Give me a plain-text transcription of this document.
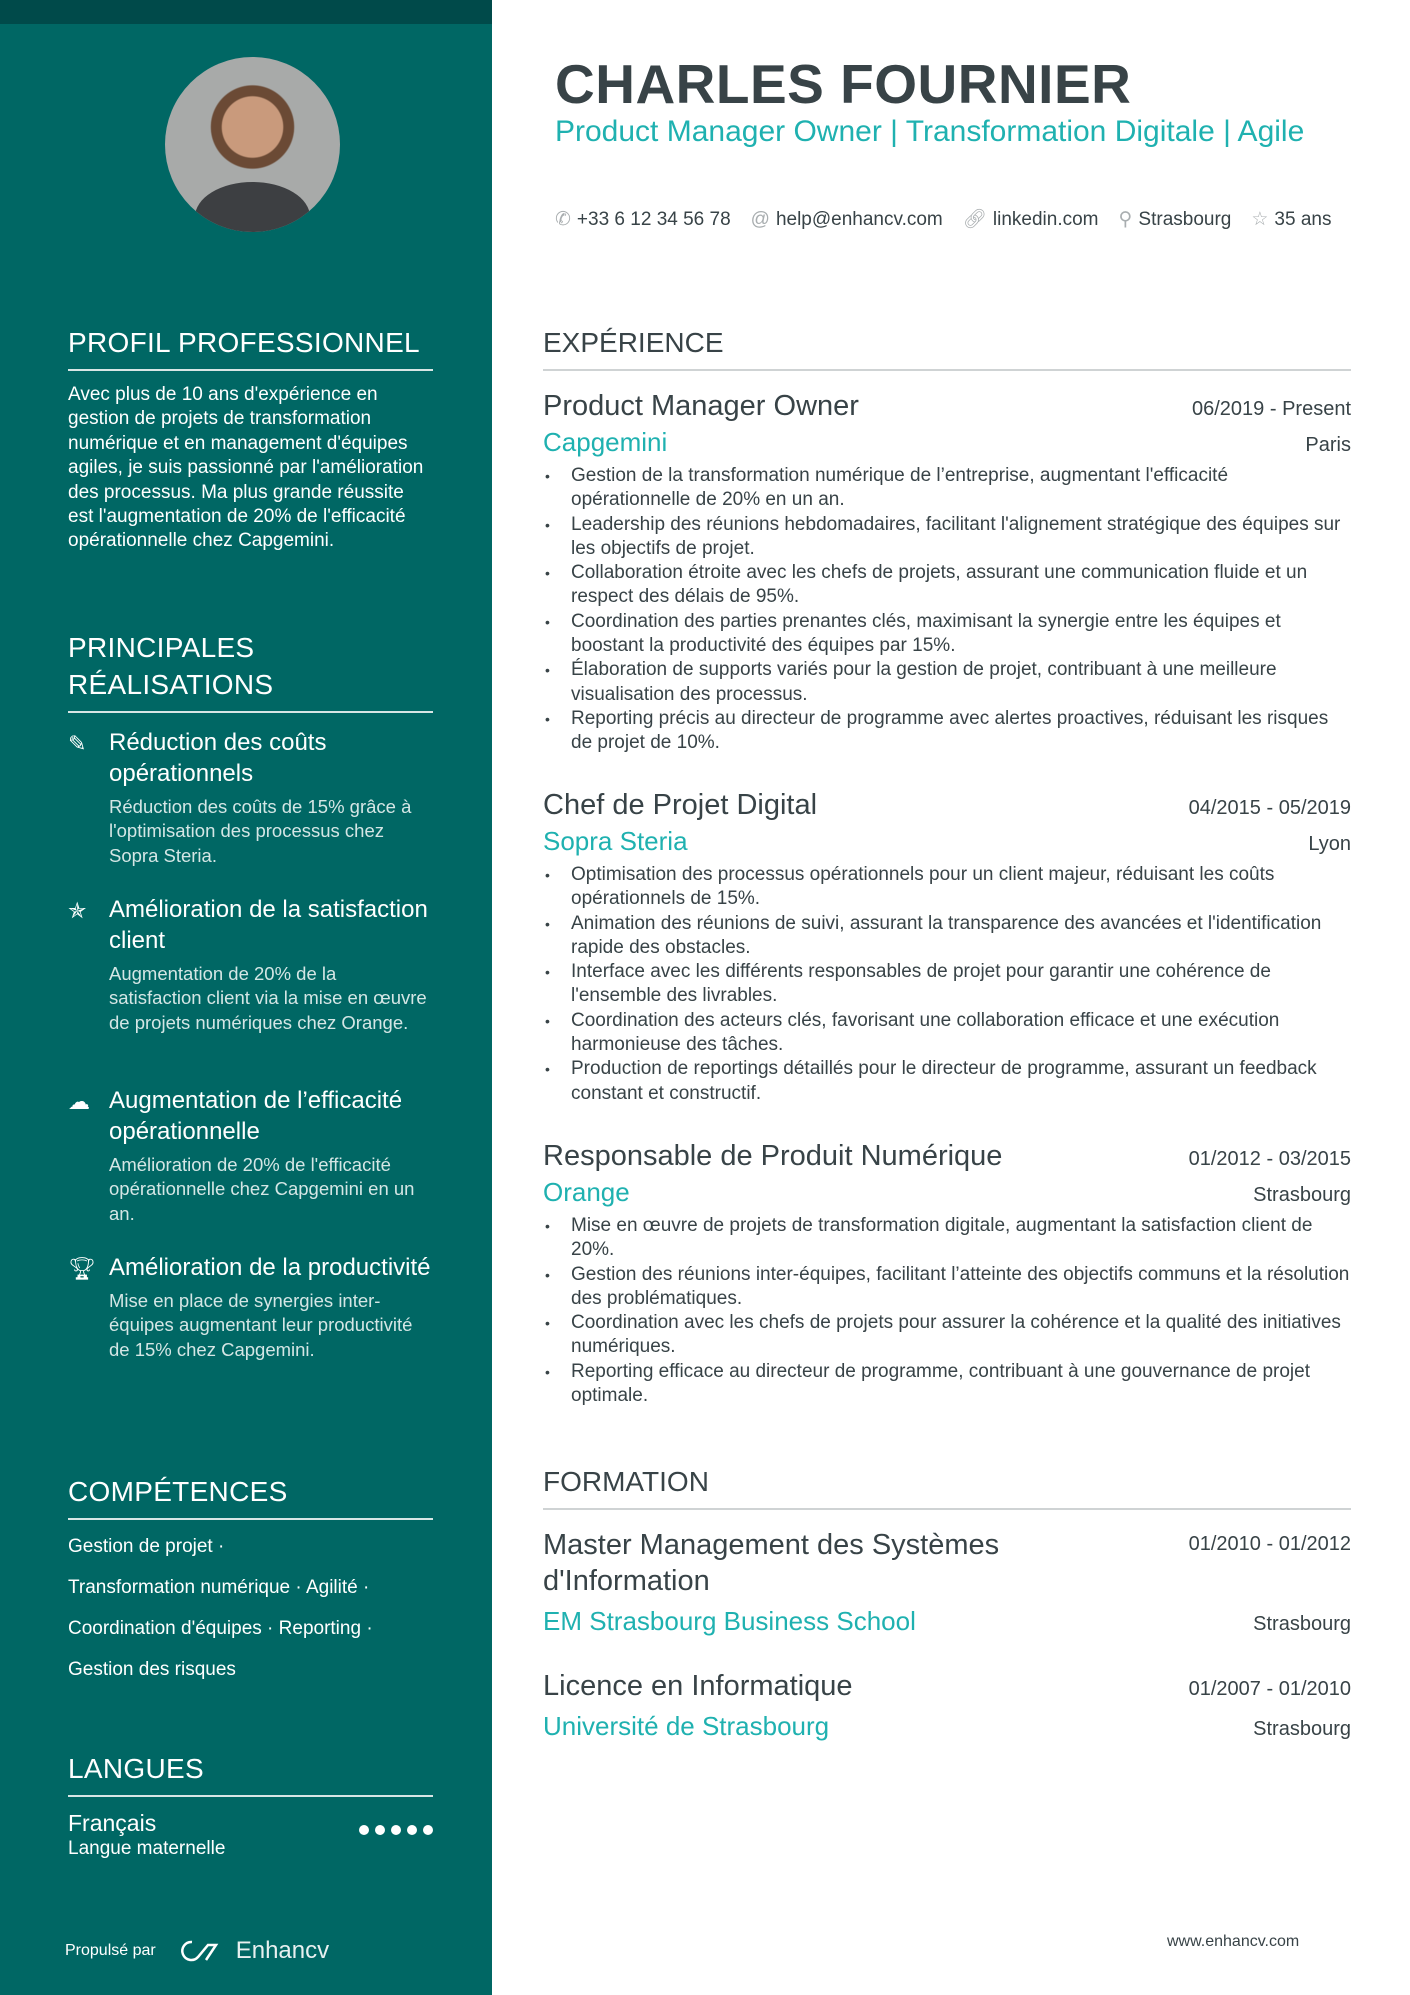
PROFIL PROFESSIONNEL
Avec plus de 10 ans d'expérience en gestion de projets de transformation numérique et en management d'équipes agiles, je suis passionné par l'amélioration des processus. Ma plus grande réussite est l'augmentation de 20% de l'efficacité opérationnelle chez Capgemini.
PRINCIPALES RÉALISATIONS
✎ Réduction des coûts opérationnels
Réduction des coûts de 15% grâce à l'optimisation des processus chez Sopra Steria.
✯ Amélioration de la satisfaction client
Augmentation de 20% de la satisfaction client via la mise en œuvre de projets numériques chez Orange.
☁ Augmentation de l’efficacité opérationnelle
Amélioration de 20% de l'efficacité opérationnelle chez Capgemini en un an.
🏆︎ Amélioration de la productivité
Mise en place de synergies inter-équipes augmentant leur productivité de 15% chez Capgemini.
COMPÉTENCES
Gestion de projet ·
Transformation numérique · Agilité ·
Coordination d'équipes · Reporting ·
Gestion des risques
LANGUES
Français
Langue maternelle
Propulsé par	Enhancv
CHARLES FOURNIER
Product Manager Owner | Transformation Digitale | Agile
✆ +33 6 12 34 56 78 @ help@enhancv.com 🔗︎ linkedin.com ⚲ Strasbourg ☆ 35 ans
EXPÉRIENCE
Product Manager Owner	06/2019 - Present
Capgemini	Paris
• Gestion de la transformation numérique de l’entreprise, augmentant l'efficacité opérationnelle de 20% en un an.
• Leadership des réunions hebdomadaires, facilitant l'alignement stratégique des équipes sur les objectifs de projet.
• Collaboration étroite avec les chefs de projets, assurant une communication fluide et un respect des délais de 95%.
• Coordination des parties prenantes clés, maximisant la synergie entre les équipes et boostant la productivité des équipes par 15%.
• Élaboration de supports variés pour la gestion de projet, contribuant à une meilleure visualisation des processus.
• Reporting précis au directeur de programme avec alertes proactives, réduisant les risques de projet de 10%.
Chef de Projet Digital	04/2015 - 05/2019
Sopra Steria	Lyon
• Optimisation des processus opérationnels pour un client majeur, réduisant les coûts opérationnels de 15%.
• Animation des réunions de suivi, assurant la transparence des avancées et l'identification rapide des obstacles.
• Interface avec les différents responsables de projet pour garantir une cohérence de l'ensemble des livrables.
• Coordination des acteurs clés, favorisant une collaboration efficace et une exécution harmonieuse des tâches.
• Production de reportings détaillés pour le directeur de programme, assurant un feedback constant et constructif.
Responsable de Produit Numérique	01/2012 - 03/2015
Orange	Strasbourg
• Mise en œuvre de projets de transformation digitale, augmentant la satisfaction client de 20%.
• Gestion des réunions inter-équipes, facilitant l’atteinte des objectifs communs et la résolution des problématiques.
• Coordination avec les chefs de projets pour assurer la cohérence et la qualité des initiatives numériques.
• Reporting efficace au directeur de programme, contribuant à une gouvernance de projet optimale.
FORMATION
Master Management des Systèmes d'Information
01/2010 - 01/2012
EM Strasbourg Business School	Strasbourg
Licence en Informatique	01/2007 - 01/2010
Université de Strasbourg	Strasbourg
www.enhancv.com
